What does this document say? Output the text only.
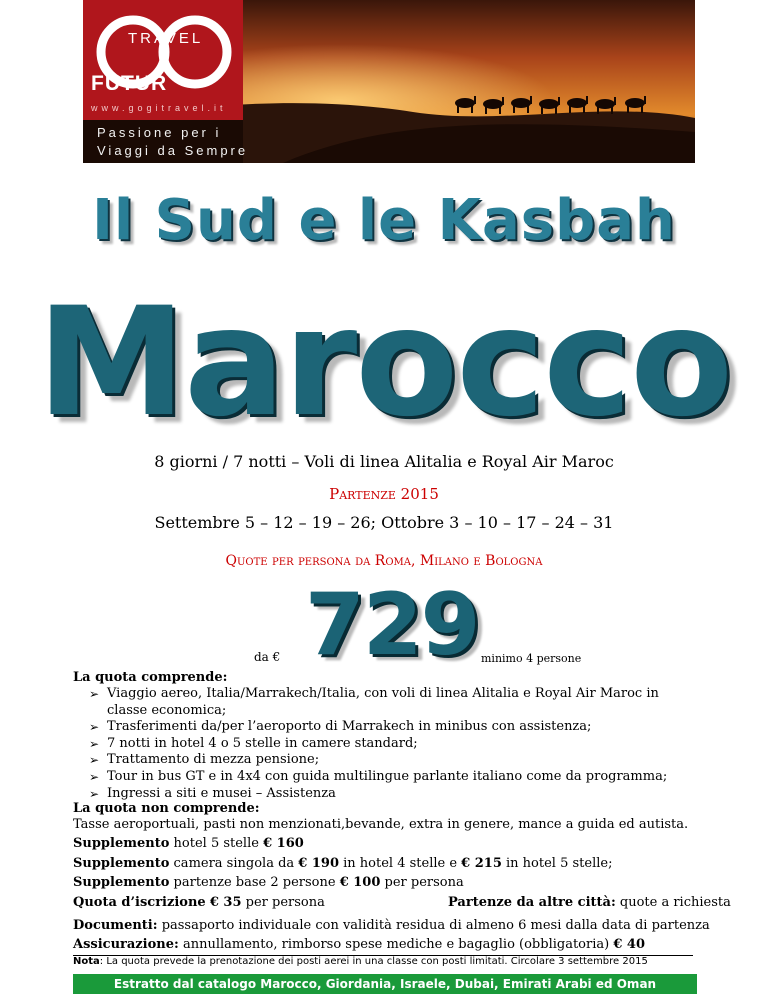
TRAVEL
FUTUR
www.gogitravel.it
Passione per i
Viaggi da Sempre
Il Sud e le Kasbah
Marocco
8 giorni / 7 notti – Voli di linea Alitalia e Royal Air Maroc
Partenze 2015
Settembre 5 – 12 – 19 – 26; Ottobre 3 – 10 – 17 – 24 – 31
Quote per persona da Roma, Milano e Bologna
da € 729 minimo 4 persone
La quota comprende:
➢ Viaggio aereo, Italia/Marrakech/Italia, con voli di linea Alitalia e Royal Air Maroc in classe economica;
➢ Trasferimenti da/per l’aeroporto di Marrakech in minibus con assistenza;
➢ 7 notti in hotel 4 o 5 stelle in camere standard;
➢ Trattamento di mezza pensione;
➢ Tour in bus GT e in 4x4 con guida multilingue parlante italiano come da programma;
➢ Ingressi a siti e musei – Assistenza
La quota non comprende:
Tasse aeroportuali, pasti non menzionati,bevande, extra in genere, mance a guida ed autista.
Supplemento hotel 5 stelle € 160
Supplemento camera singola da € 190 in hotel 4 stelle e € 215 in hotel 5 stelle;
Supplemento partenze base 2 persone € 100 per persona
Quota d’iscrizione € 35 per persona	Partenze da altre città: quote a richiesta
Documenti: passaporto individuale con validità residua di almeno 6 mesi dalla data di partenza
Assicurazione: annullamento, rimborso spese mediche e bagaglio (obbligatoria) € 40
Nota: La quota prevede la prenotazione dei posti aerei in una classe con posti limitati. Circolare 3 settembre 2015
Estratto dal catalogo Marocco, Giordania, Israele, Dubai, Emirati Arabi ed Oman
